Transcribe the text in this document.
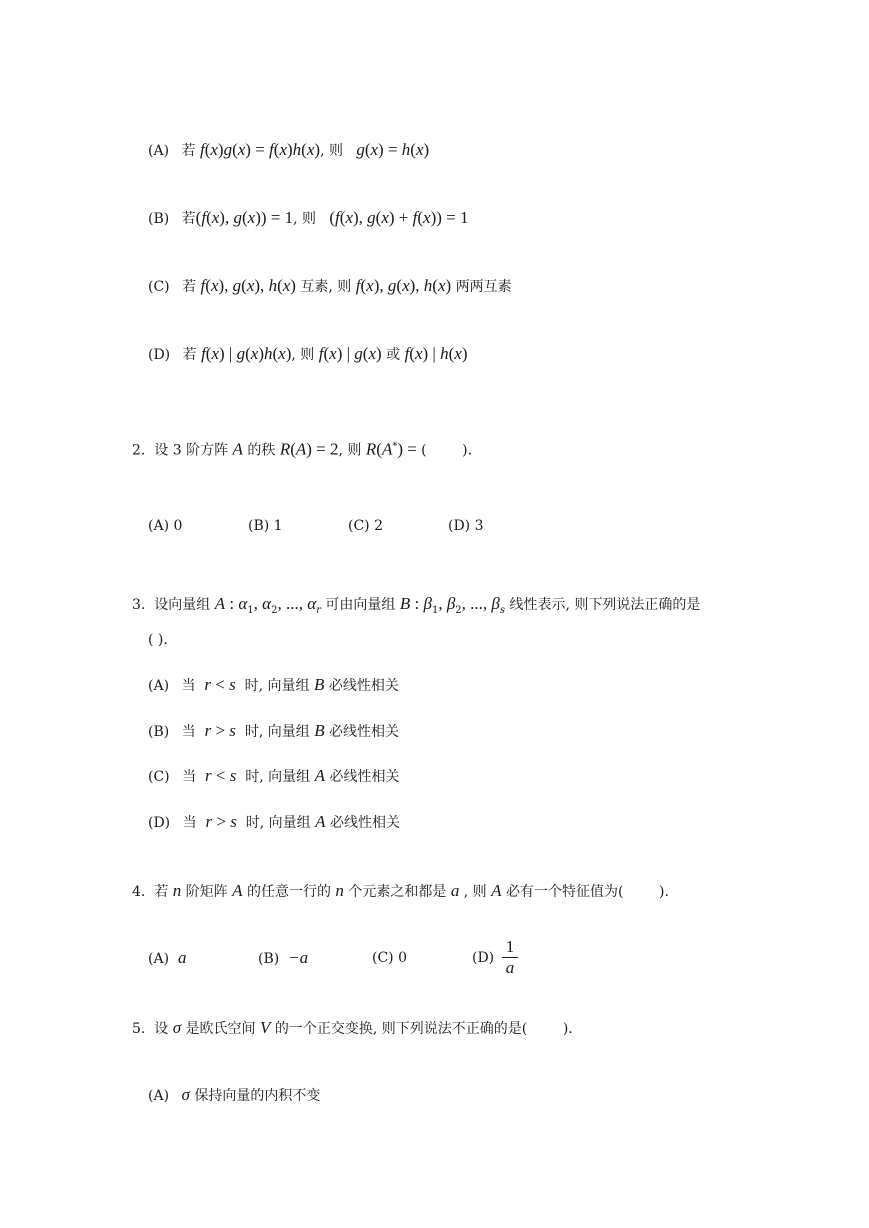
(A) 若 f(x)g(x) = f(x)h(x), 则   g(x) = h(x)
(B) 若(f(x), g(x)) = 1, 则   (f(x), g(x) + f(x)) = 1
(C) 若 f(x), g(x), h(x) 互素, 则 f(x), g(x), h(x) 两两互素
(D) 若 f(x) | g(x)h(x), 则 f(x) | g(x) 或 f(x) | h(x)
2.  设 3 阶方阵 A 的秩 R(A) = 2, 则 R(A*) = (        ).
(A) 0	(B) 1	(C) 2	(D) 3
3.  设向量组 A : $\alpha_1$, $\alpha_2$, ..., $\alpha_r$ 可由向量组 B : $\beta_1$, $\beta_2$, ..., $\beta_s$ 线性表示, 则下列说法正确的是
( ).
(A) 当  r < s  时, 向量组 B 必线性相关
(B) 当  r > s  时, 向量组 B 必线性相关
(C) 当  r < s  时, 向量组 A 必线性相关
(D) 当  r > s  时, 向量组 A 必线性相关
4.  若 n 阶矩阵 A 的任意一行的 n 个元素之和都是 a , 则 A 必有一个特征值为(        ).
(A) a	(B) −a	(C) 0	(D)
1
a
5.  设 σ 是欧氏空间 V 的一个正交变换, 则下列说法不正确的是(        ).
(A) σ 保持向量的内积不变
